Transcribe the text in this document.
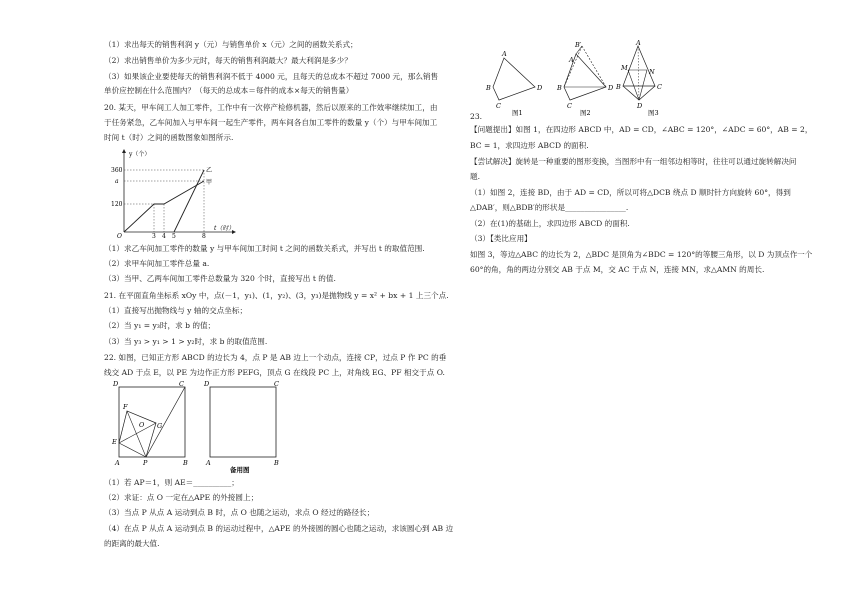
（1）求出每天的销售利润 y（元）与销售单价 x（元）之间的函数关系式；
（2）求出销售单价为多少元时，每天的销售利润最大？最大利润是多少？
（3）如果该企业要使每天的销售利润不低于 4000 元，且每天的总成本不超过 7000 元，那么销售
单价应控制在什么范围内？（每天的总成本＝每件的成本×每天的销售量）
20. 某天，甲车间工人加工零件，工作中有一次停产检修机器，然后以原来的工作效率继续加工，由
于任务紧急，乙车间加入与甲车间一起生产零件，两车间各自加工零件的数量 y（个）与甲车间加工
时间 t（时）之间的函数图象如图所示.
（1）求乙车间加工零件的数量 y 与甲车间加工时间 t 之间的函数关系式，并写出 t 的取值范围.
（2）求甲车间加工零件总量 a.
（3）当甲、乙两车间加工零件总数量为 320 个时，直接写出 t 的值.
21. 在平面直角坐标系 xOy 中，点(－1，y₁)、(1，y₂)、(3，y₃)是抛物线 y = x² + bx + 1 上三个点.
（1）直接写出抛物线与 y 轴的交点坐标；
（2）当 y₁ = y₃时，求 b 的值；
（3）当 y₃ > y₁ > 1 > y₂时，求 b 的取值范围.
22. 如图，已知正方形 ABCD 的边长为 4，点 P 是 AB 边上一个动点，连接 CP，过点 P 作 PC 的垂
线交 AD 于点 E，以 PE 为边作正方形 PEFG，顶点 G 在线段 PC 上，对角线 EG、PF 相交于点 O.
（1）若 AP＝1，则 AE＝__________；
（2）求证：点 O 一定在△APE 的外接圆上；
（3）当点 P 从点 A 运动到点 B 时，点 O 也随之运动，求点 O 经过的路径长；
（4）在点 P 从点 A 运动到点 B 的运动过程中，△APE 的外接圆的圆心也随之运动，求该圆心到 AB 边
的距离的最大值.
y（个）
t（时）
360
a
120
O	3 4 5	8
乙
甲
D	C
F
O G
E
A	P	B
D	C
A	B
备用图
A
B
C
D
图1
B′
A
B
C
D
图2
A
M	N
B	C
D
图3
23.
【问题提出】如图 1，在四边形 ABCD 中，AD = CD，∠ABC = 120°，∠ADC = 60°，AB = 2，
BC = 1，求四边形 ABCD 的面积.
【尝试解决】旋转是一种重要的图形变换，当图形中有一组邻边相等时，往往可以通过旋转解决问
题.
（1）如图 2，连接 BD，由于 AD = CD，所以可将△DCB 绕点 D 顺时针方向旋转 60°，得到
△DAB′，则△BDB′的形状是________________.
（2）在(1)的基础上，求四边形 ABCD 的面积.
（3）【类比应用】
如图 3，等边△ABC 的边长为 2，△BDC 是顶角为∠BDC = 120°的等腰三角形，以 D 为顶点作一个
60°的角，角的两边分别交 AB 于点 M，交 AC 于点 N，连接 MN，求△AMN 的周长.
